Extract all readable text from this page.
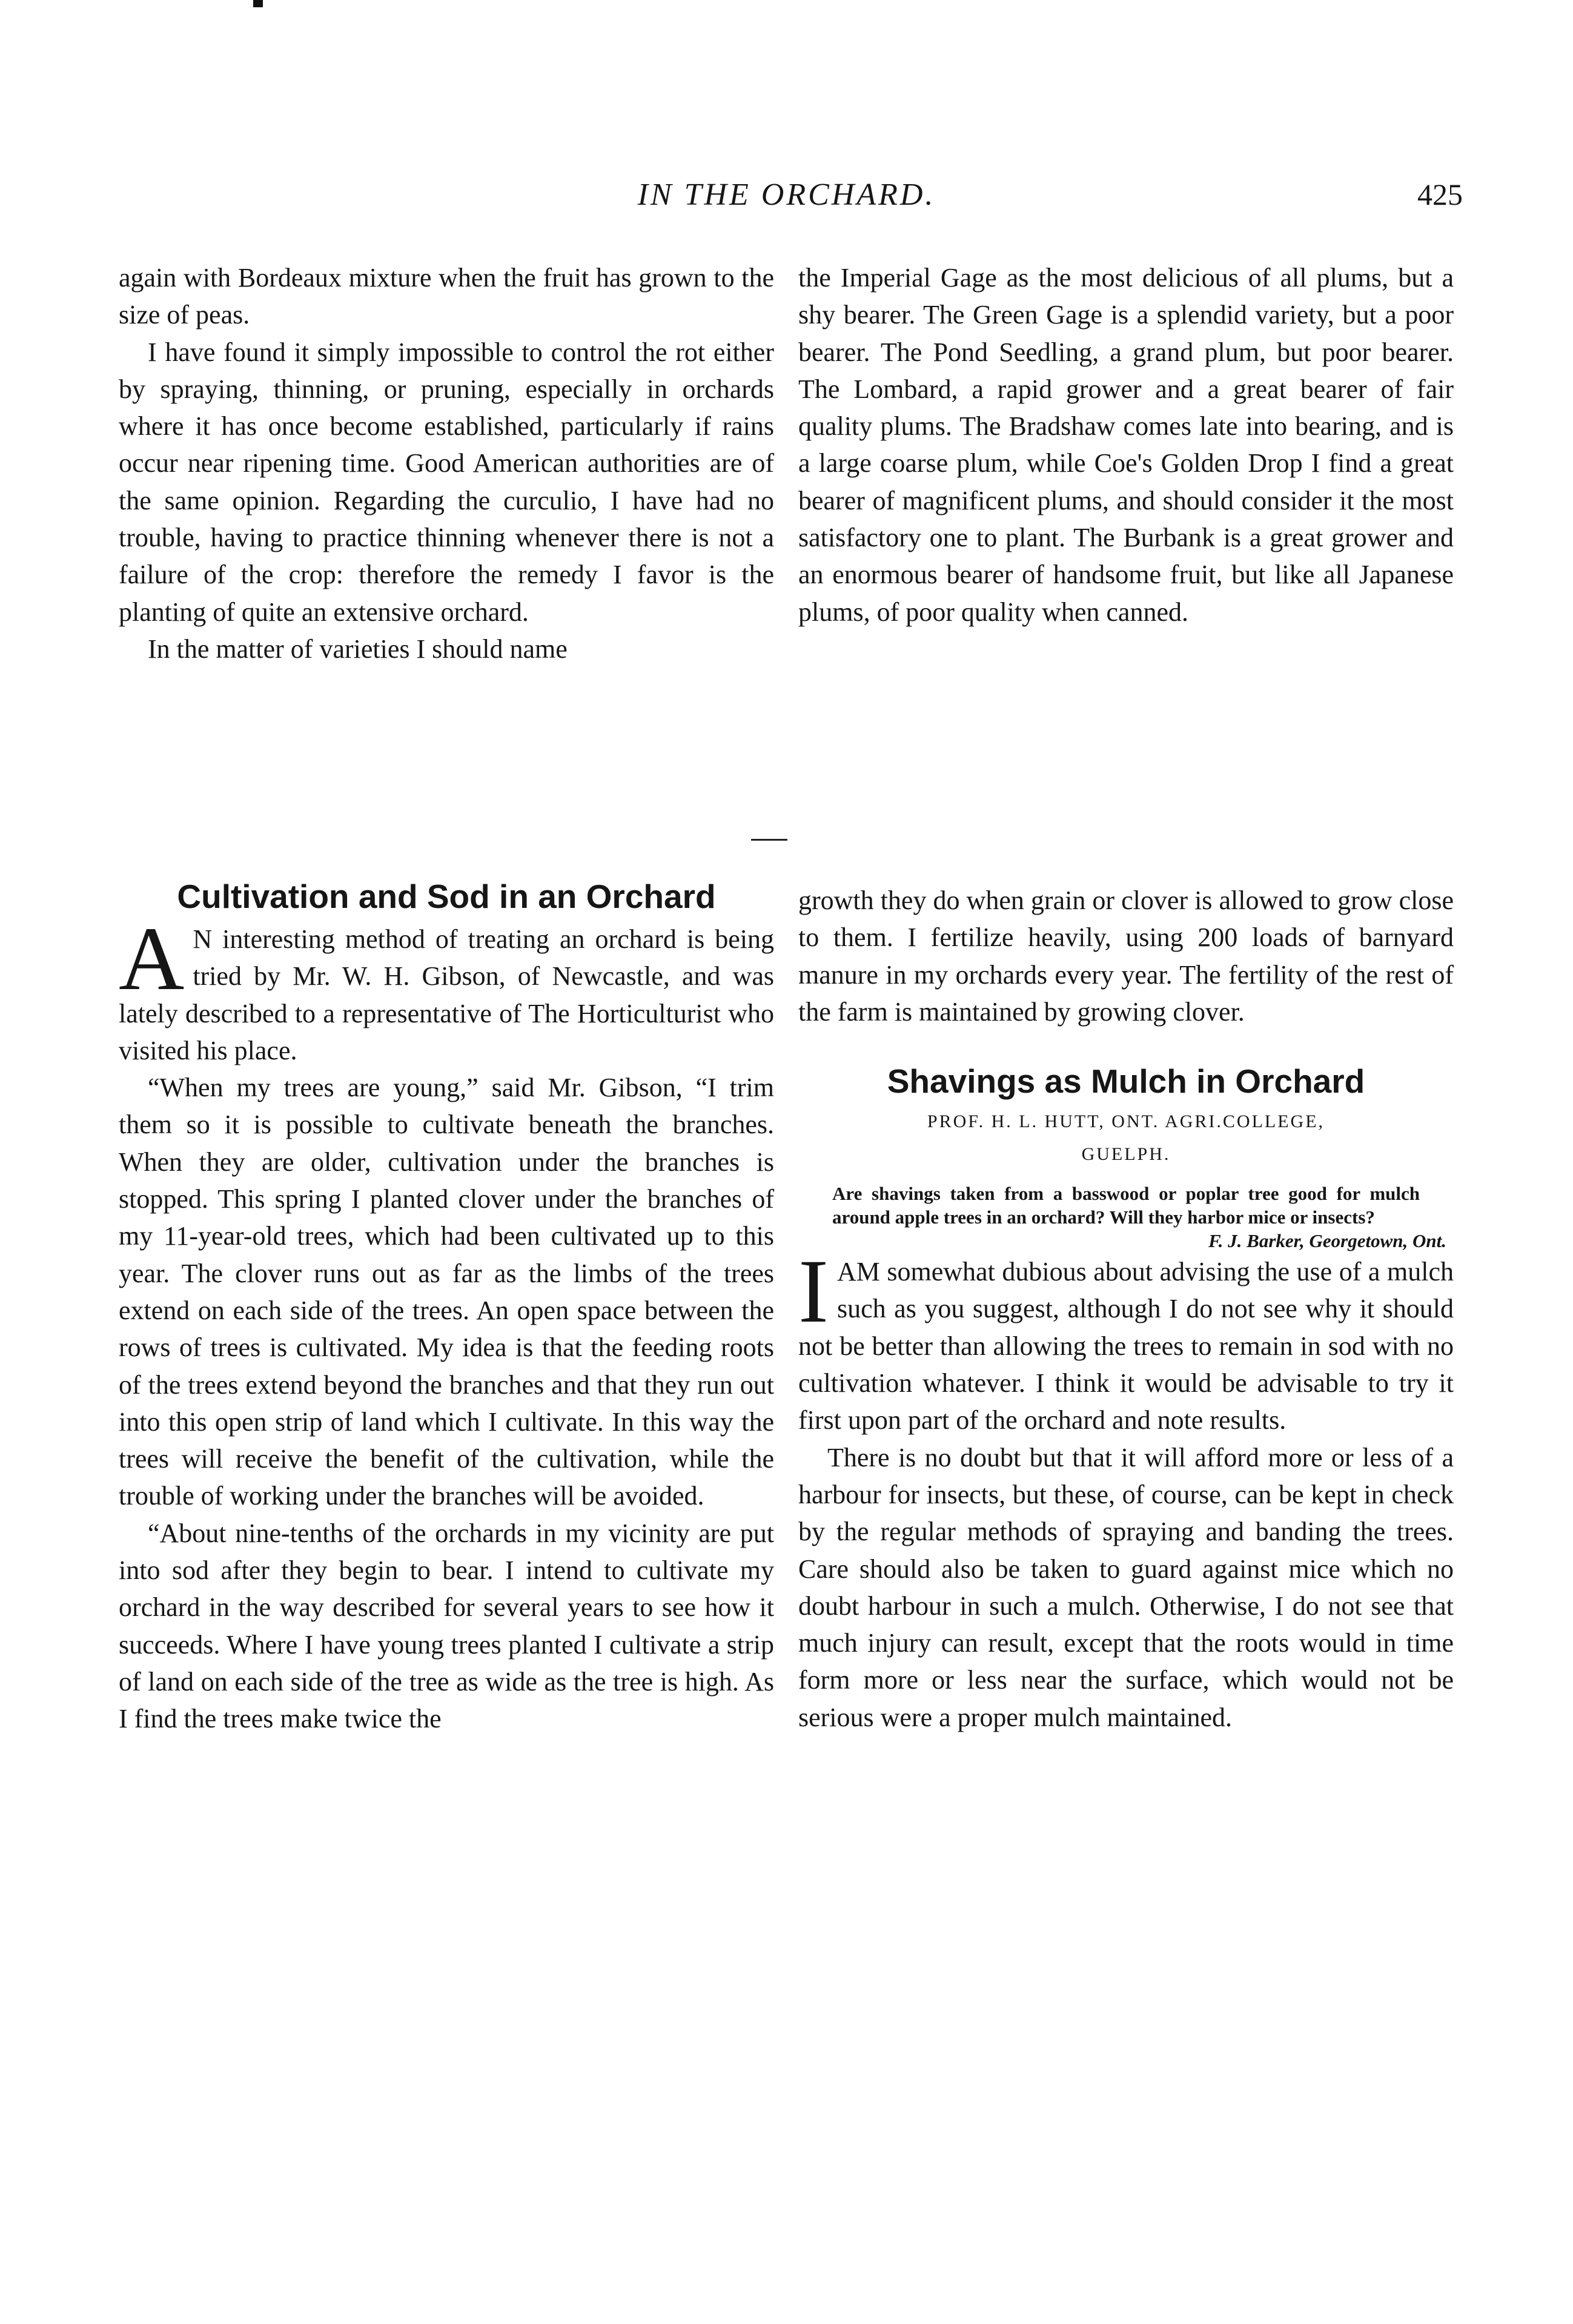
IN THE ORCHARD.	425

again with Bordeaux mixture when the fruit has grown to the size of peas.

I have found it simply impossible to control the rot either by spraying, thinning, or pruning, especially in orchards where it has once become established, particularly if rains occur near ripening time. Good American authorities are of the same opinion. Regarding the curculio, I have had no trouble, having to practice thinning whenever there is not a failure of the crop: therefore the remedy I favor is the planting of quite an extensive orchard.

In the matter of varieties I should name

the Imperial Gage as the most delicious of all plums, but a shy bearer. The Green Gage is a splendid variety, but a poor bearer. The Pond Seedling, a grand plum, but poor bearer. The Lombard, a rapid grower and a great bearer of fair quality plums. The Bradshaw comes late into bearing, and is a large coarse plum, while Coe's Golden Drop I find a great bearer of magnificent plums, and should consider it the most satisfactory one to plant. The Burbank is a great grower and an enormous bearer of handsome fruit, but like all Japanese plums, of poor quality when canned.

Cultivation and Sod in an Orchard

A N interesting method of treating an orchard is being tried by Mr. W. H. Gibson, of Newcastle, and was lately described to a representative of The Horticulturist who visited his place.

“When my trees are young,” said Mr. Gibson, “I trim them so it is possible to cultivate beneath the branches. When they are older, cultivation under the branches is stopped. This spring I planted clover under the branches of my 11-year-old trees, which had been cultivated up to this year. The clover runs out as far as the limbs of the trees extend on each side of the trees. An open space between the rows of trees is cultivated. My idea is that the feeding roots of the trees extend beyond the branches and that they run out into this open strip of land which I cultivate. In this way the trees will receive the benefit of the cultivation, while the trouble of working under the branches will be avoided.

“About nine-tenths of the orchards in my vicinity are put into sod after they begin to bear. I intend to cultivate my orchard in the way described for several years to see how it succeeds. Where I have young trees planted I cultivate a strip of land on each side of the tree as wide as the tree is high. As I find the trees make twice the

growth they do when grain or clover is allowed to grow close to them. I fertilize heavily, using 200 loads of barnyard manure in my orchards every year. The fertility of the rest of the farm is maintained by growing clover.

Shavings as Mulch in Orchard

PROF. H. L. HUTT, ONT. AGRI.COLLEGE,

GUELPH.

Are shavings taken from a basswood or poplar tree good for mulch around apple trees in an orchard? Will they harbor mice or insects?

F. J. Barker, Georgetown, Ont.

IAM somewhat dubious about advising the use of a mulch such as you suggest, although I do not see why it should not be better than allowing the trees to remain in sod with no cultivation whatever. I think it would be advisable to try it first upon part of the orchard and note results.

There is no doubt but that it will afford more or less of a harbour for insects, but these, of course, can be kept in check by the regular methods of spraying and banding the trees. Care should also be taken to guard against mice which no doubt harbour in such a mulch. Otherwise, I do not see that much injury can result, except that the roots would in time form more or less near the surface, which would not be serious were a proper mulch maintained.
